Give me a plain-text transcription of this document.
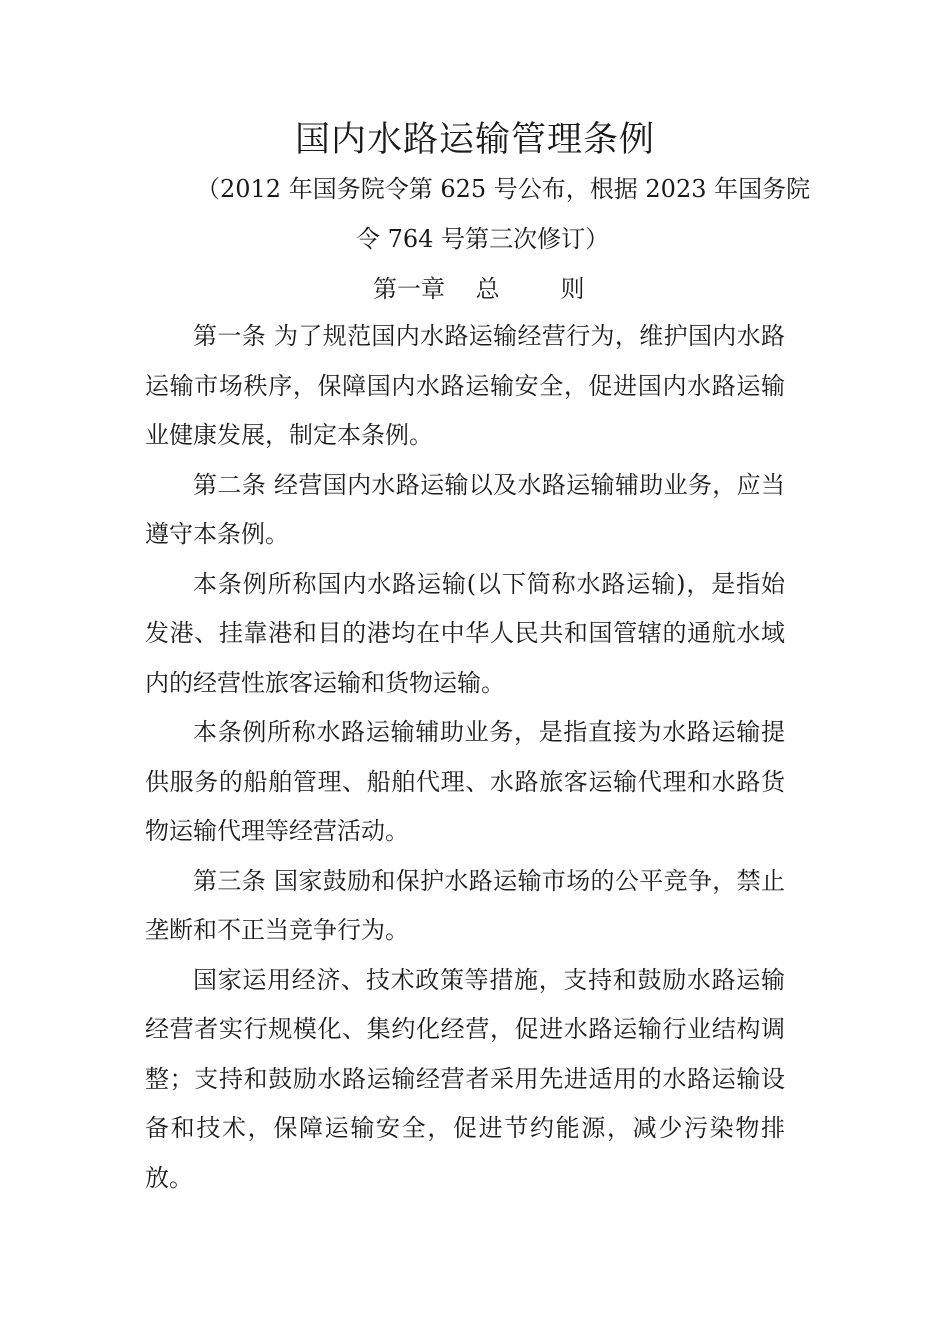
国内水路运输管理条例

（2012 年国务院令第 625 号公布，根据 2023 年国务院

令 764 号第三次修订）

第一章    总        则

第一条 为了规范国内水路运输经营行为，维护国内水路运输市场秩序，保障国内水路运输安全，促进国内水路运输业健康发展，制定本条例。

第二条 经营国内水路运输以及水路运输辅助业务，应当遵守本条例。

本条例所称国内水路运输(以下简称水路运输)，是指始发港、挂靠港和目的港均在中华人民共和国管辖的通航水域内的经营性旅客运输和货物运输。

本条例所称水路运输辅助业务，是指直接为水路运输提供服务的船舶管理、船舶代理、水路旅客运输代理和水路货物运输代理等经营活动。

第三条 国家鼓励和保护水路运输市场的公平竞争，禁止垄断和不正当竞争行为。

国家运用经济、技术政策等措施，支持和鼓励水路运输经营者实行规模化、集约化经营，促进水路运输行业结构调整；支持和鼓励水路运输经营者采用先进适用的水路运输设备和技术，保障运输安全，促进节约能源，减少污染物排放。
